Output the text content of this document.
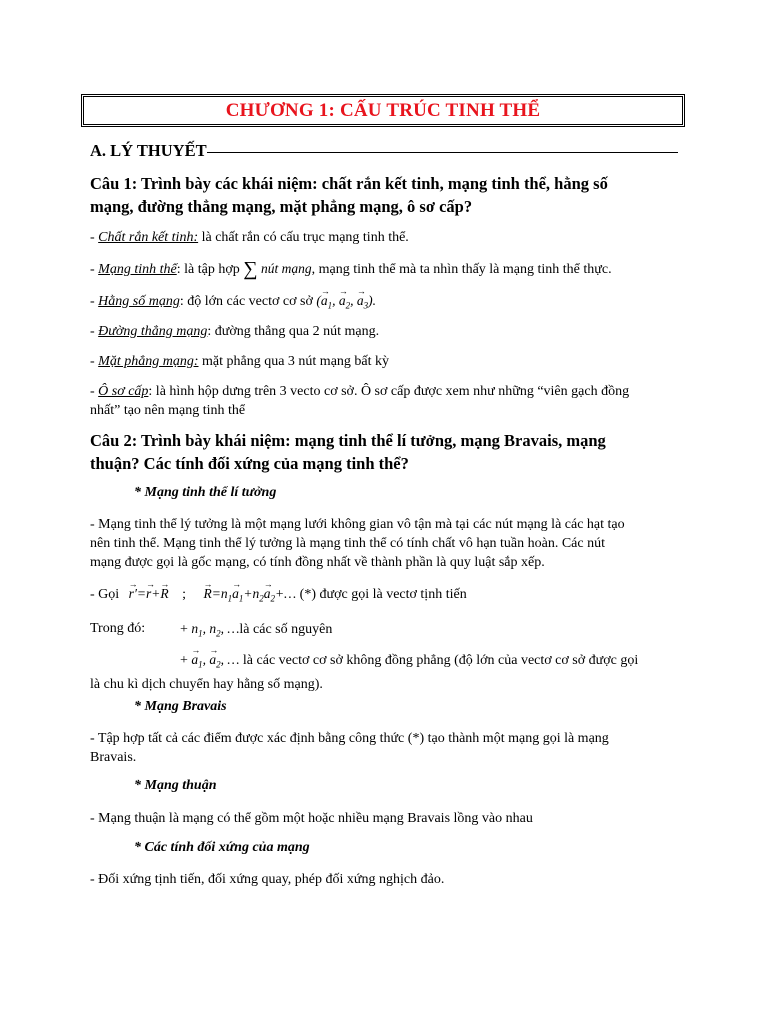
CHƯƠNG 1: CẤU TRÚC TINH THỂ
A. LÝ THUYẾT
Câu 1: Trình bày các khái niệm: chất rắn kết tinh, mạng tinh thể, hằng số
mạng, đường thẳng mạng, mặt phẳng mạng, ô sơ cấp?
- Chất rắn kết tinh: là chất rắn có cấu trục mạng tinh thể.
- Mạng tinh thể: là tập hợp ∑ nút mạng, mạng tinh thể mà ta nhìn thấy là mạng tinh thể thực.
- Hằng số mạng: độ lớn các vectơ cơ sở (→ $a_1$, → $a_2$, → $a_3$).
- Đường thẳng mạng: đường thẳng qua 2 nút mạng.
- Mặt phẳng mạng: mặt phẳng qua 3 nút mạng bất kỳ
- Ô sơ cấp: là hình hộp dưng trên 3 vecto cơ sở. Ô sơ cấp được xem như những “viên gạch đồng
nhất” tạo nên mạng tinh thể
Câu 2: Trình bày khái niệm: mạng tinh thể lí tưởng, mạng Bravais, mạng
thuận? Các tính đối xứng của mạng tinh thể?
* Mạng tinh thể lí tưởng
- Mạng tinh thể lý tưởng là một mạng lưới không gian vô tận mà tại các nút mạng là các hạt tạo
nên tinh thể. Mạng tinh thể lý tưởng là mạng tinh thể có tính chất vô hạn tuần hoàn. Các nút
mạng được gọi là gốc mạng, có tính đồng nhất về thành phần là quy luật sắp xếp.
- Gọi → r′=→ r+→ R ; → $R=n_1\to a_1+n_2\to$ $a_2+\dots$ (*) được gọi là vectơ tịnh tiến
Trong đó: + $n_1$, $n_2$, …là các số nguyên
+ → $a_1$, → $a_2$, … là các vectơ cơ sở không đồng phẳng (độ lớn của vectơ cơ sở được gọi
là chu kì dịch chuyển hay hằng số mạng).
* Mạng Bravais
- Tập hợp tất cả các điểm được xác định bằng công thức (*) tạo thành một mạng gọi là mạng
Bravais.
* Mạng thuận
- Mạng thuận là mạng có thể gồm một hoặc nhiều mạng Bravais lồng vào nhau
* Các tính đối xứng của mạng
- Đối xứng tịnh tiến, đối xứng quay, phép đối xứng nghịch đảo.
